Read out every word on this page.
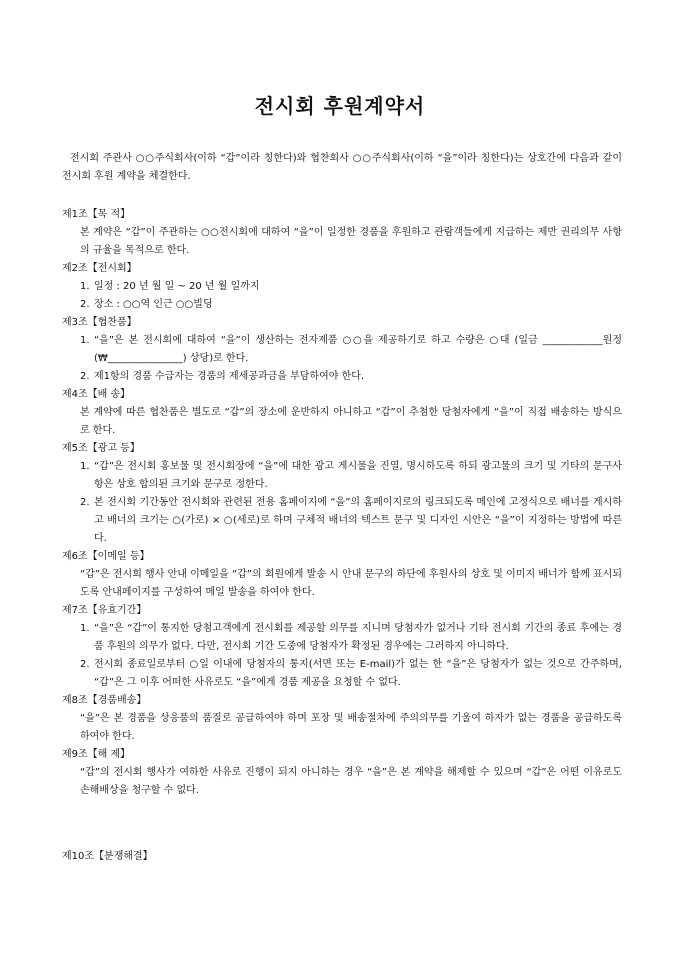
전시회 후원계약서

전시회 주관사 ○○주식회사(이하 “갑”이라 칭한다)와 협찬회사 ○○주식회사(이하 “을”이라 칭한다)는 상호간에 다음과 같이 전시회 후원 계약을 체결한다.

제1조【목 적】
본 계약은 “갑”이 주관하는 ○○전시회에 대하여 “을”이 일정한 경품을 후원하고 관람객들에게 지급하는 제반 권리의무 사항의 규율을 목적으로 한다.
제2조【전시회】
1. 일정 : 20 년 월 일 ~ 20 년 월 일까지
2. 장소 : ○○역 인근 ○○빌딩
제3조【협찬품】
1. “을”은 본 전시회에 대하여 “을”이 생산하는 전자제품 ○○을 제공하기로 하고 수량은 ○대 (일금 ____________원정 (₩_______________) 상당)로 한다.
2. 제1항의 경품 수급자는 경품의 제세공과금을 부담하여야 한다.
제4조【배 송】
본 계약에 따른 협찬품은 별도로 “갑”의 장소에 운반하지 아니하고 “갑”이 추첨한 당첨자에게 “을”이 직접 배송하는 방식으로 한다.
제5조【광고 등】
1. “갑”은 전시회 홍보물 및 전시회장에 “을”에 대한 광고 게시물을 진열, 명시하도록 하되 광고물의 크기 및 기타의 문구사항은 상호 합의된 크기와 문구로 정한다.
2. 본 전시회 기간동안 전시회와 관련된 전용 홈페이지에 “을”의 홈페이지로의 링크되도록 메인에 고정식으로 배너를 게시하고 배너의 크기는 ○(가로) × ○(세로)로 하며 구체적 배너의 텍스트 문구 및 디자인 시안은 “을”이 지정하는 방법에 따른다.
제6조【이메일 등】
“갑”은 전시회 행사 안내 이메일을 “갑”의 회원에게 발송 시 안내 문구의 하단에 후원사의 상호 및 이미지 배너가 함께 표시되도록 안내페이지를 구성하여 메일 발송을 하여야 한다.
제7조【유효기간】
1. “을”은 “갑”이 통지한 당첨고객에게 전시회를 제공할 의무를 지니며 당첨자가 없거나 기타 전시회 기간의 종료 후에는 경품 후원의 의무가 없다. 다만, 전시회 기간 도중에 당첨자가 확정된 경우에는 그러하지 아니하다.
2. 전시회 종료일로부터 ○일 이내에 당첨자의 통지(서면 또는 E-mail)가 없는 한 “을”은 당첨자가 없는 것으로 간주하며, “갑”은 그 이후 어떠한 사유로도 “을”에게 경품 제공을 요청할 수 없다.
제8조【경품배송】
“을”은 본 경품을 상응품의 품질로 공급하여야 하며 포장 및 배송절차에 주의의무를 기울여 하자가 없는 경품을 공급하도록 하여야 한다.
제9조【해 제】
“갑”의 전시회 행사가 여하한 사유로 진행이 되지 아니하는 경우 “을”은 본 계약을 해제할 수 있으며 “갑”은 어떤 이유로도 손해배상을 청구할 수 없다.
제10조【분쟁해결】
